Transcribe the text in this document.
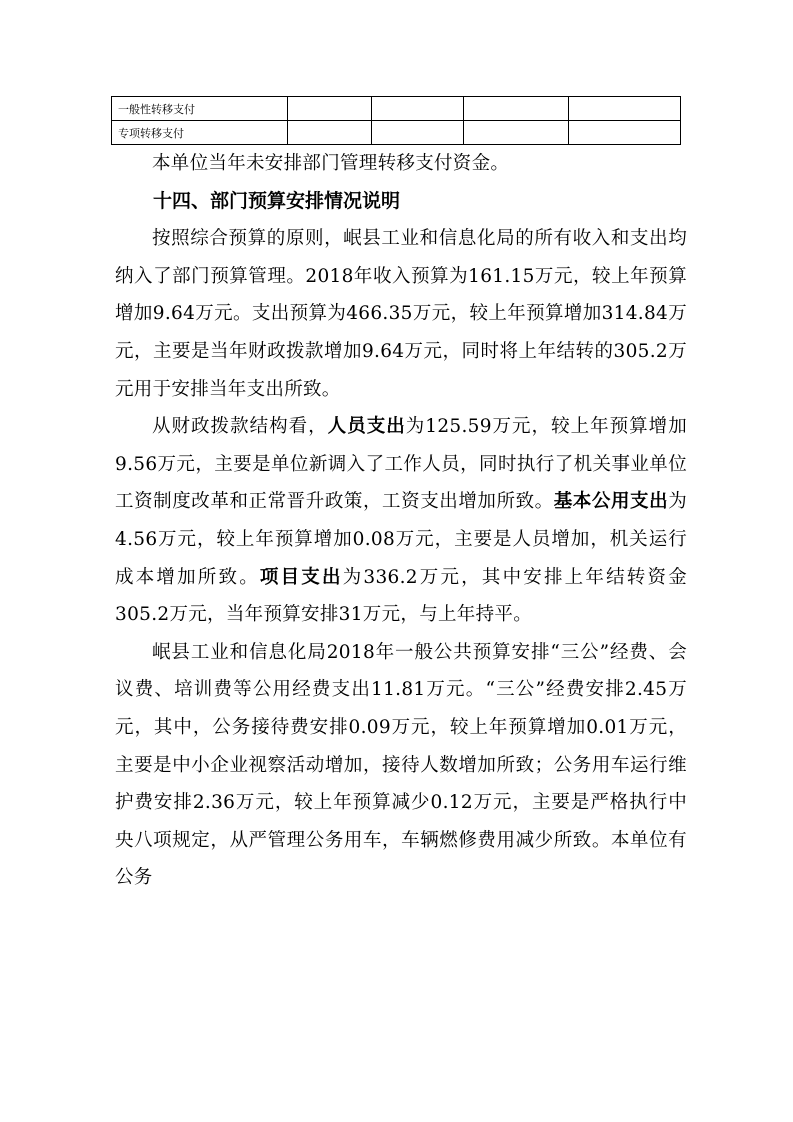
一般性转移支付				
专项转移支付				

本单位当年未安排部门管理转移支付资金。

十四、部门预算安排情况说明

按照综合预算的原则，岷县工业和信息化局的所有收入和支出均纳入了部门预算管理。2018年收入预算为161.15万元，较上年预算增加9.64万元。支出预算为466.35万元，较上年预算增加314.84万元，主要是当年财政拨款增加9.64万元，同时将上年结转的305.2万元用于安排当年支出所致。

从财政拨款结构看，人员支出为125.59万元，较上年预算增加9.56万元，主要是单位新调入了工作人员，同时执行了机关事业单位工资制度改革和正常晋升政策，工资支出增加所致。基本公用支出为4.56万元，较上年预算增加0.08万元，主要是人员增加，机关运行成本增加所致。项目支出为336.2万元，其中安排上年结转资金305.2万元，当年预算安排31万元，与上年持平。

岷县工业和信息化局2018年一般公共预算安排“三公”经费、会议费、培训费等公用经费支出11.81万元。“三公”经费安排2.45万元，其中，公务接待费安排0.09万元，较上年预算增加0.01万元，主要是中小企业视察活动增加，接待人数增加所致；公务用车运行维护费安排2.36万元，较上年预算减少0.12万元，主要是严格执行中央八项规定，从严管理公务用车，车辆燃修费用减少所致。本单位有公务
